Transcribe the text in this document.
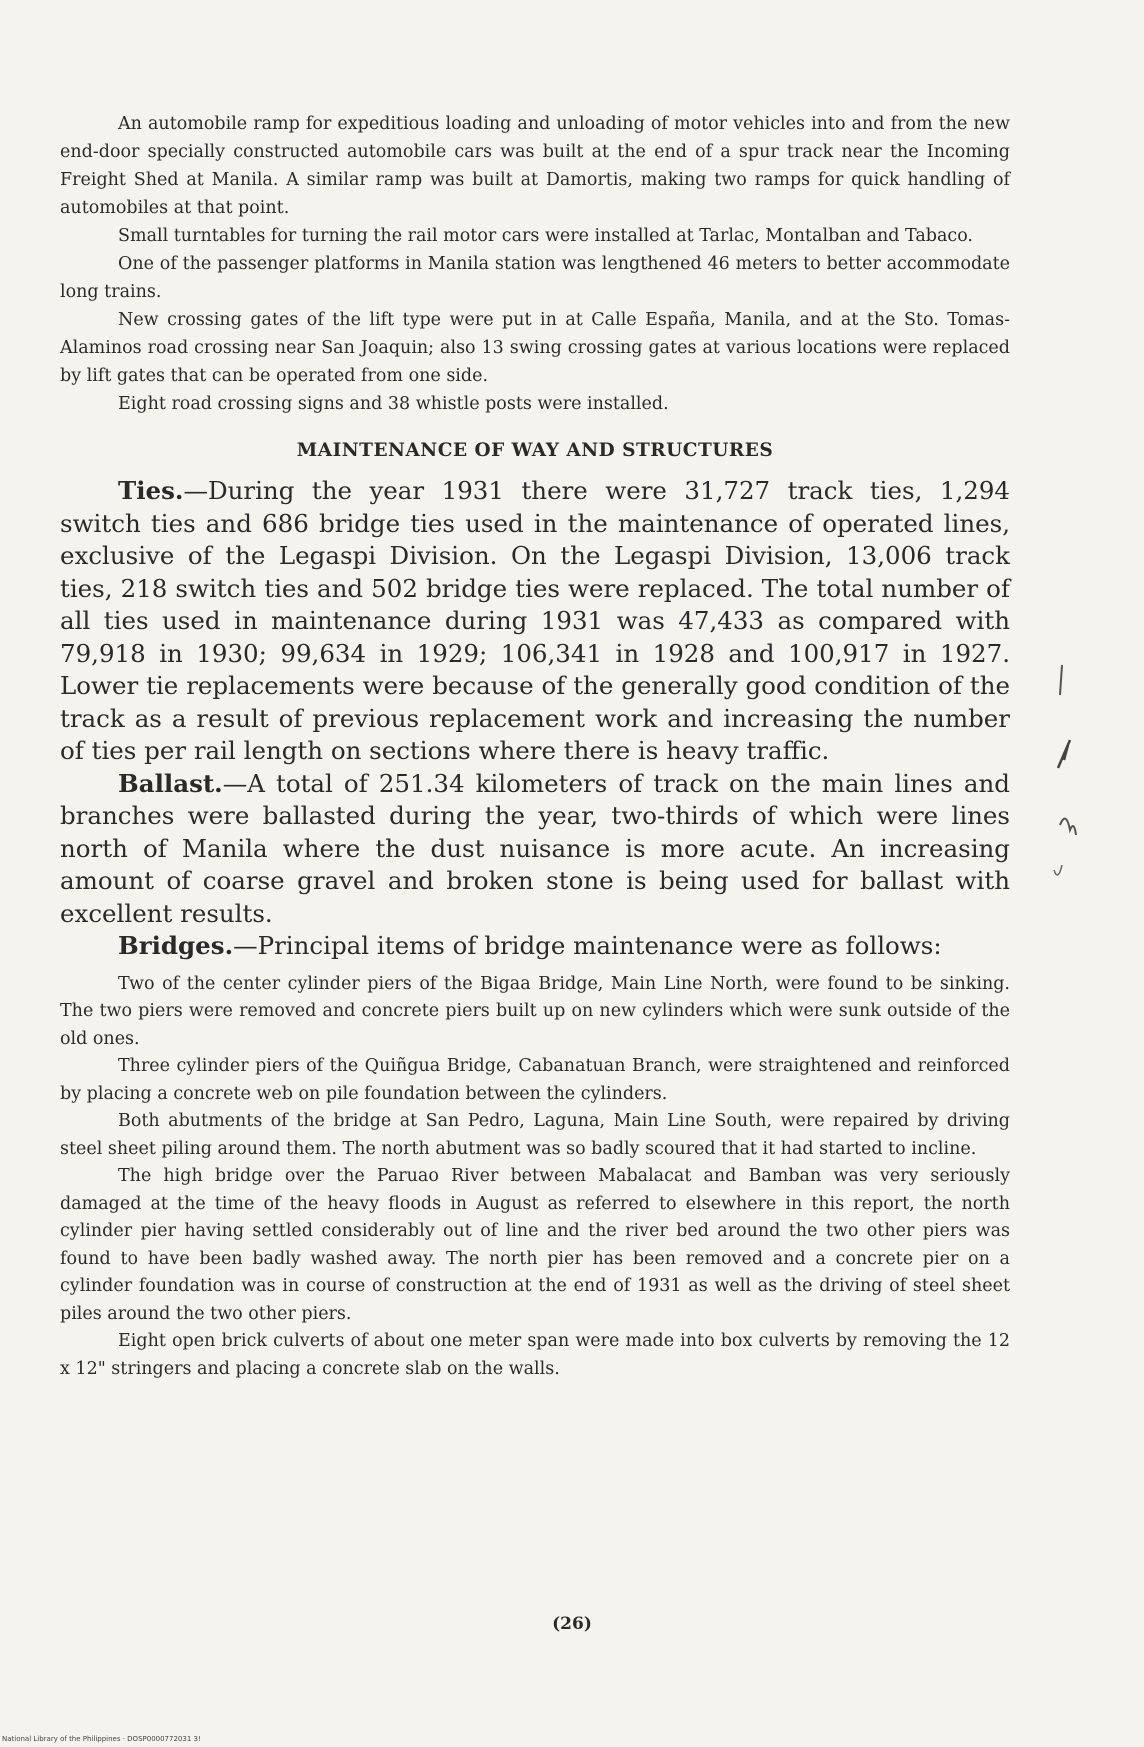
An automobile ramp for expeditious loading and unloading of motor vehicles into and from the new end-door specially constructed automobile cars was built at the end of a spur track near the Incoming Freight Shed at Manila. A similar ramp was built at Damortis, making two ramps for quick handling of automobiles at that point.

Small turntables for turning the rail motor cars were installed at Tarlac, Montalban and Tabaco.

One of the passenger platforms in Manila station was lengthened 46 meters to better accommodate long trains.

New crossing gates of the lift type were put in at Calle España, Manila, and at the Sto. Tomas-Alaminos road crossing near San Joaquin; also 13 swing crossing gates at various locations were replaced by lift gates that can be operated from one side.

Eight road crossing signs and 38 whistle posts were installed.

MAINTENANCE OF WAY AND STRUCTURES

Ties.—During the year 1931 there were 31,727 track ties, 1,294 switch ties and 686 bridge ties used in the maintenance of operated lines, exclusive of the Legaspi Division. On the Legaspi Division, 13,006 track ties, 218 switch ties and 502 bridge ties were replaced. The total number of all ties used in maintenance during 1931 was 47,433 as compared with 79,918 in 1930; 99,634 in 1929; 106,341 in 1928 and 100,917 in 1927. Lower tie replacements were because of the generally good condition of the track as a result of previous replacement work and increasing the number of ties per rail length on sections where there is heavy traffic.

Ballast.—A total of 251.34 kilometers of track on the main lines and branches were ballasted during the year, two-thirds of which were lines north of Manila where the dust nuisance is more acute. An increasing amount of coarse gravel and broken stone is being used for ballast with excellent results.

Bridges.—Principal items of bridge maintenance were as follows:

Two of the center cylinder piers of the Bigaa Bridge, Main Line North, were found to be sinking. The two piers were removed and concrete piers built up on new cylinders which were sunk outside of the old ones.

Three cylinder piers of the Quiñgua Bridge, Cabanatuan Branch, were straightened and reinforced by placing a concrete web on pile foundation between the cylinders.

Both abutments of the bridge at San Pedro, Laguna, Main Line South, were repaired by driving steel sheet piling around them. The north abutment was so badly scoured that it had started to incline.

The high bridge over the Paruao River between Mabalacat and Bamban was very seriously damaged at the time of the heavy floods in August as referred to elsewhere in this report, the north cylinder pier having settled considerably out of line and the river bed around the two other piers was found to have been badly washed away. The north pier has been removed and a concrete pier on a cylinder foundation was in course of construction at the end of 1931 as well as the driving of steel sheet piles around the two other piers.

Eight open brick culverts of about one meter span were made into box culverts by removing the 12 x 12" stringers and placing a concrete slab on the walls.

(26)
National Library of the Philippines · DOSP0000772031 3!
